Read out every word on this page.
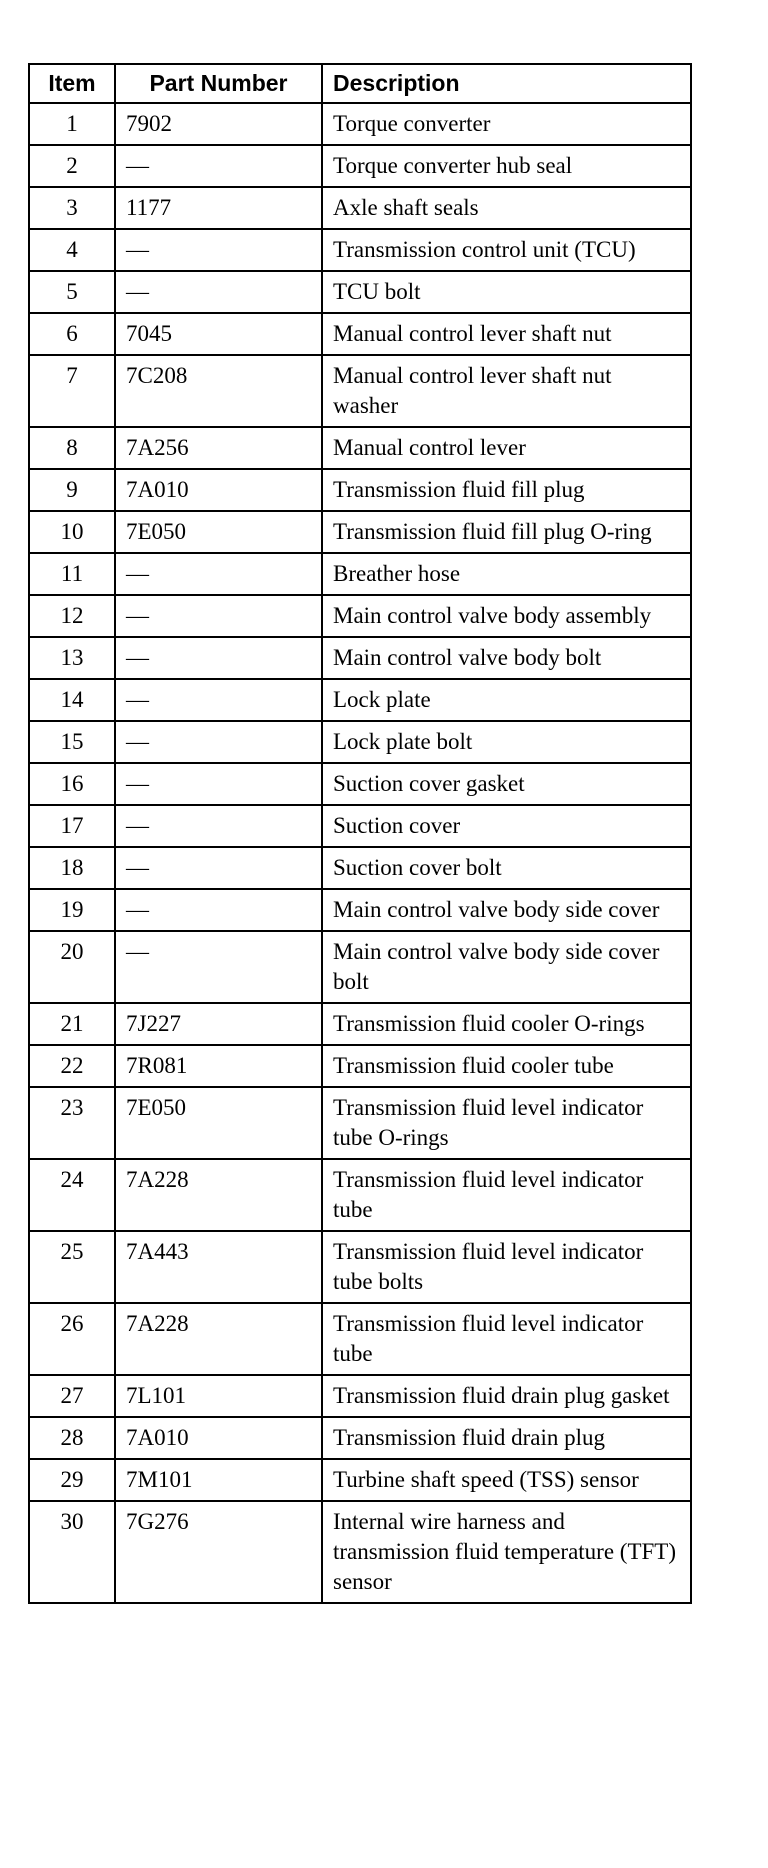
Item	Part Number	Description
1	7902	Torque converter
2	—	Torque converter hub seal
3	1177	Axle shaft seals
4	—	Transmission control unit (TCU)
5	—	TCU bolt
6	7045	Manual control lever shaft nut
7	7C208	Manual control lever shaft nut washer
8	7A256	Manual control lever
9	7A010	Transmission fluid fill plug
10	7E050	Transmission fluid fill plug O-ring
11	—	Breather hose
12	—	Main control valve body assembly
13	—	Main control valve body bolt
14	—	Lock plate
15	—	Lock plate bolt
16	—	Suction cover gasket
17	—	Suction cover
18	—	Suction cover bolt
19	—	Main control valve body side cover
20	—	Main control valve body side cover bolt
21	7J227	Transmission fluid cooler O-rings
22	7R081	Transmission fluid cooler tube
23	7E050	Transmission fluid level indicator tube O-rings
24	7A228	Transmission fluid level indicator tube
25	7A443	Transmission fluid level indicator tube bolts
26	7A228	Transmission fluid level indicator tube
27	7L101	Transmission fluid drain plug gasket
28	7A010	Transmission fluid drain plug
29	7M101	Turbine shaft speed (TSS) sensor
30	7G276	Internal wire harness and transmission fluid temperature (TFT) sensor
